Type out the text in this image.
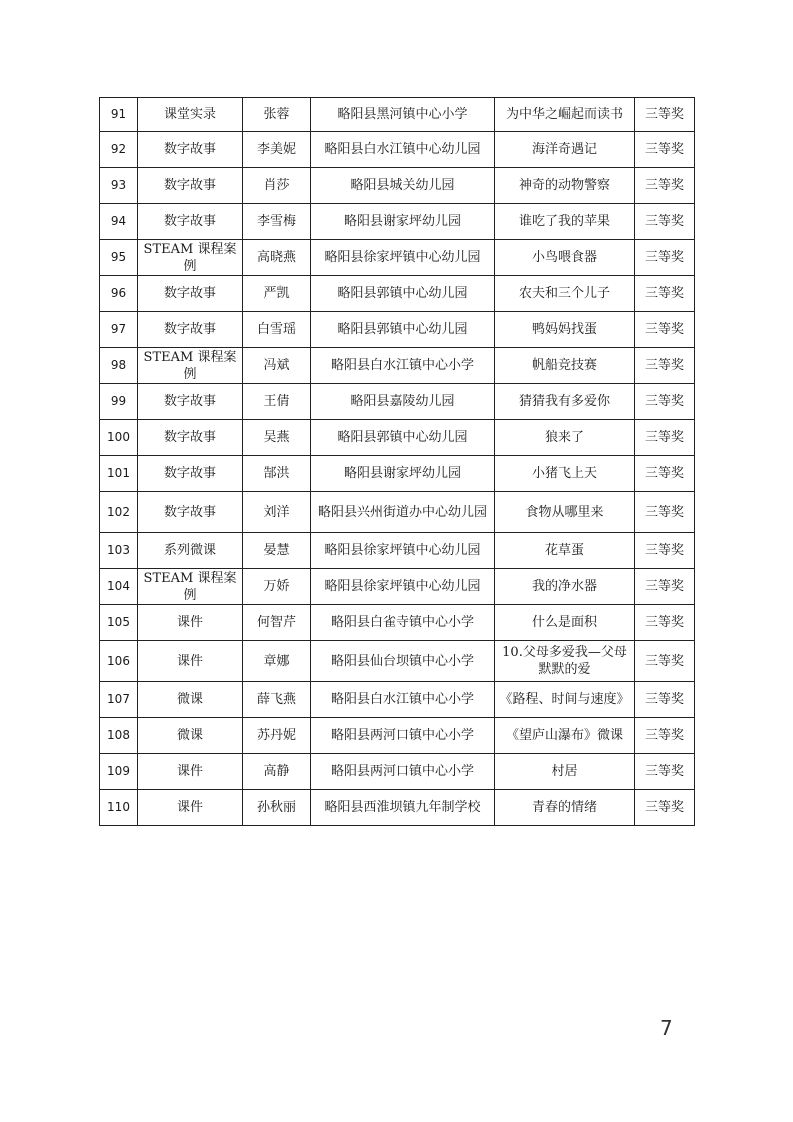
91	课堂实录	张蓉	略阳县黑河镇中心小学	为中华之崛起而读书	三等奖
92	数字故事	李美妮	略阳县白水江镇中心幼儿园	海洋奇遇记	三等奖
93	数字故事	肖莎	略阳县城关幼儿园	神奇的动物警察	三等奖
94	数字故事	李雪梅	略阳县谢家坪幼儿园	谁吃了我的苹果	三等奖
95	STEAM 课程案例	高晓燕	略阳县徐家坪镇中心幼儿园	小鸟喂食器	三等奖
96	数字故事	严凯	略阳县郭镇中心幼儿园	农夫和三个儿子	三等奖
97	数字故事	白雪瑶	略阳县郭镇中心幼儿园	鸭妈妈找蛋	三等奖
98	STEAM 课程案例	冯斌	略阳县白水江镇中心小学	帆船竞技赛	三等奖
99	数字故事	王倩	略阳县嘉陵幼儿园	猜猜我有多爱你	三等奖
100	数字故事	吴燕	略阳县郭镇中心幼儿园	狼来了	三等奖
101	数字故事	郜洪	略阳县谢家坪幼儿园	小猪飞上天	三等奖
102	数字故事	刘洋	略阳县兴州街道办中心幼儿园	食物从哪里来	三等奖
103	系列微课	晏慧	略阳县徐家坪镇中心幼儿园	花草蛋	三等奖
104	STEAM 课程案例	万娇	略阳县徐家坪镇中心幼儿园	我的净水器	三等奖
105	课件	何智芹	略阳县白雀寺镇中心小学	什么是面积	三等奖
106	课件	章娜	略阳县仙台坝镇中心小学	10.父母多爱我—父母默默的爱	三等奖
107	微课	薛飞燕	略阳县白水江镇中心小学	《路程、时间与速度》	三等奖
108	微课	苏丹妮	略阳县两河口镇中心小学	《望庐山瀑布》微课	三等奖
109	课件	高静	略阳县两河口镇中心小学	村居	三等奖
110	课件	孙秋丽	略阳县西淮坝镇九年制学校	青春的情绪	三等奖
7
